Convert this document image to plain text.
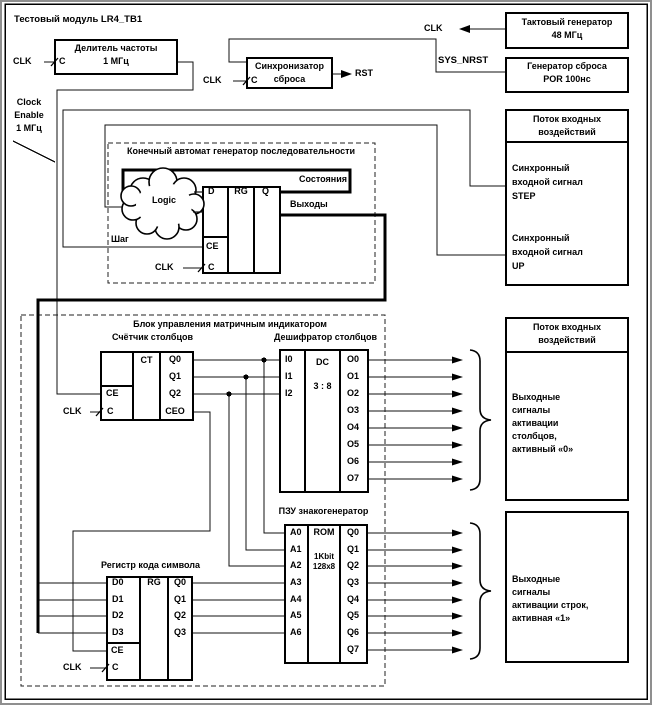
Тестовый модуль LR4_TB1
Делитель частоты
1 МГц
CLK	C	Синхронизатор
сброса
CLK	C
RST
Тактовый генератор
48 МГц
CLK
Генератор сброса
POR 100нс
SYS_NRST
Clock
Enable
1 МГц
Поток входных
воздействий
Синхронный
входной сигнал
STEP
Синхронный
входной сигнал
UP
Конечный автомат генератор последовательности
Logic
Состояния
Выходы
Шаг
D	RG	Q
CE
C
CLK
Блок управления матричным индикатором
Счётчик столбцов
CT	Q0
Q1
Q2
CEO
CE
C
CLK
Дешифратор столбцов
I0
I1
I2
DC
3 : 8
O0
O1
O2
O3
O4
O5
O6
O7
Поток входных
воздействий
Выходные
сигналы
активации
столбцов,
активный «0»
ПЗУ знакогенератор
A0
A1
A2
A3
A4
A5
A6
ROM
1Kbit
128x8
Q0
Q1
Q2
Q3
Q4
Q5
Q6
Q7
Регистр кода символа
D0
D1
D2
D3
RG	Q0
Q1
Q2
Q3
CE
C
CLK
Выходные
сигналы
активации строк,
активная «1»
